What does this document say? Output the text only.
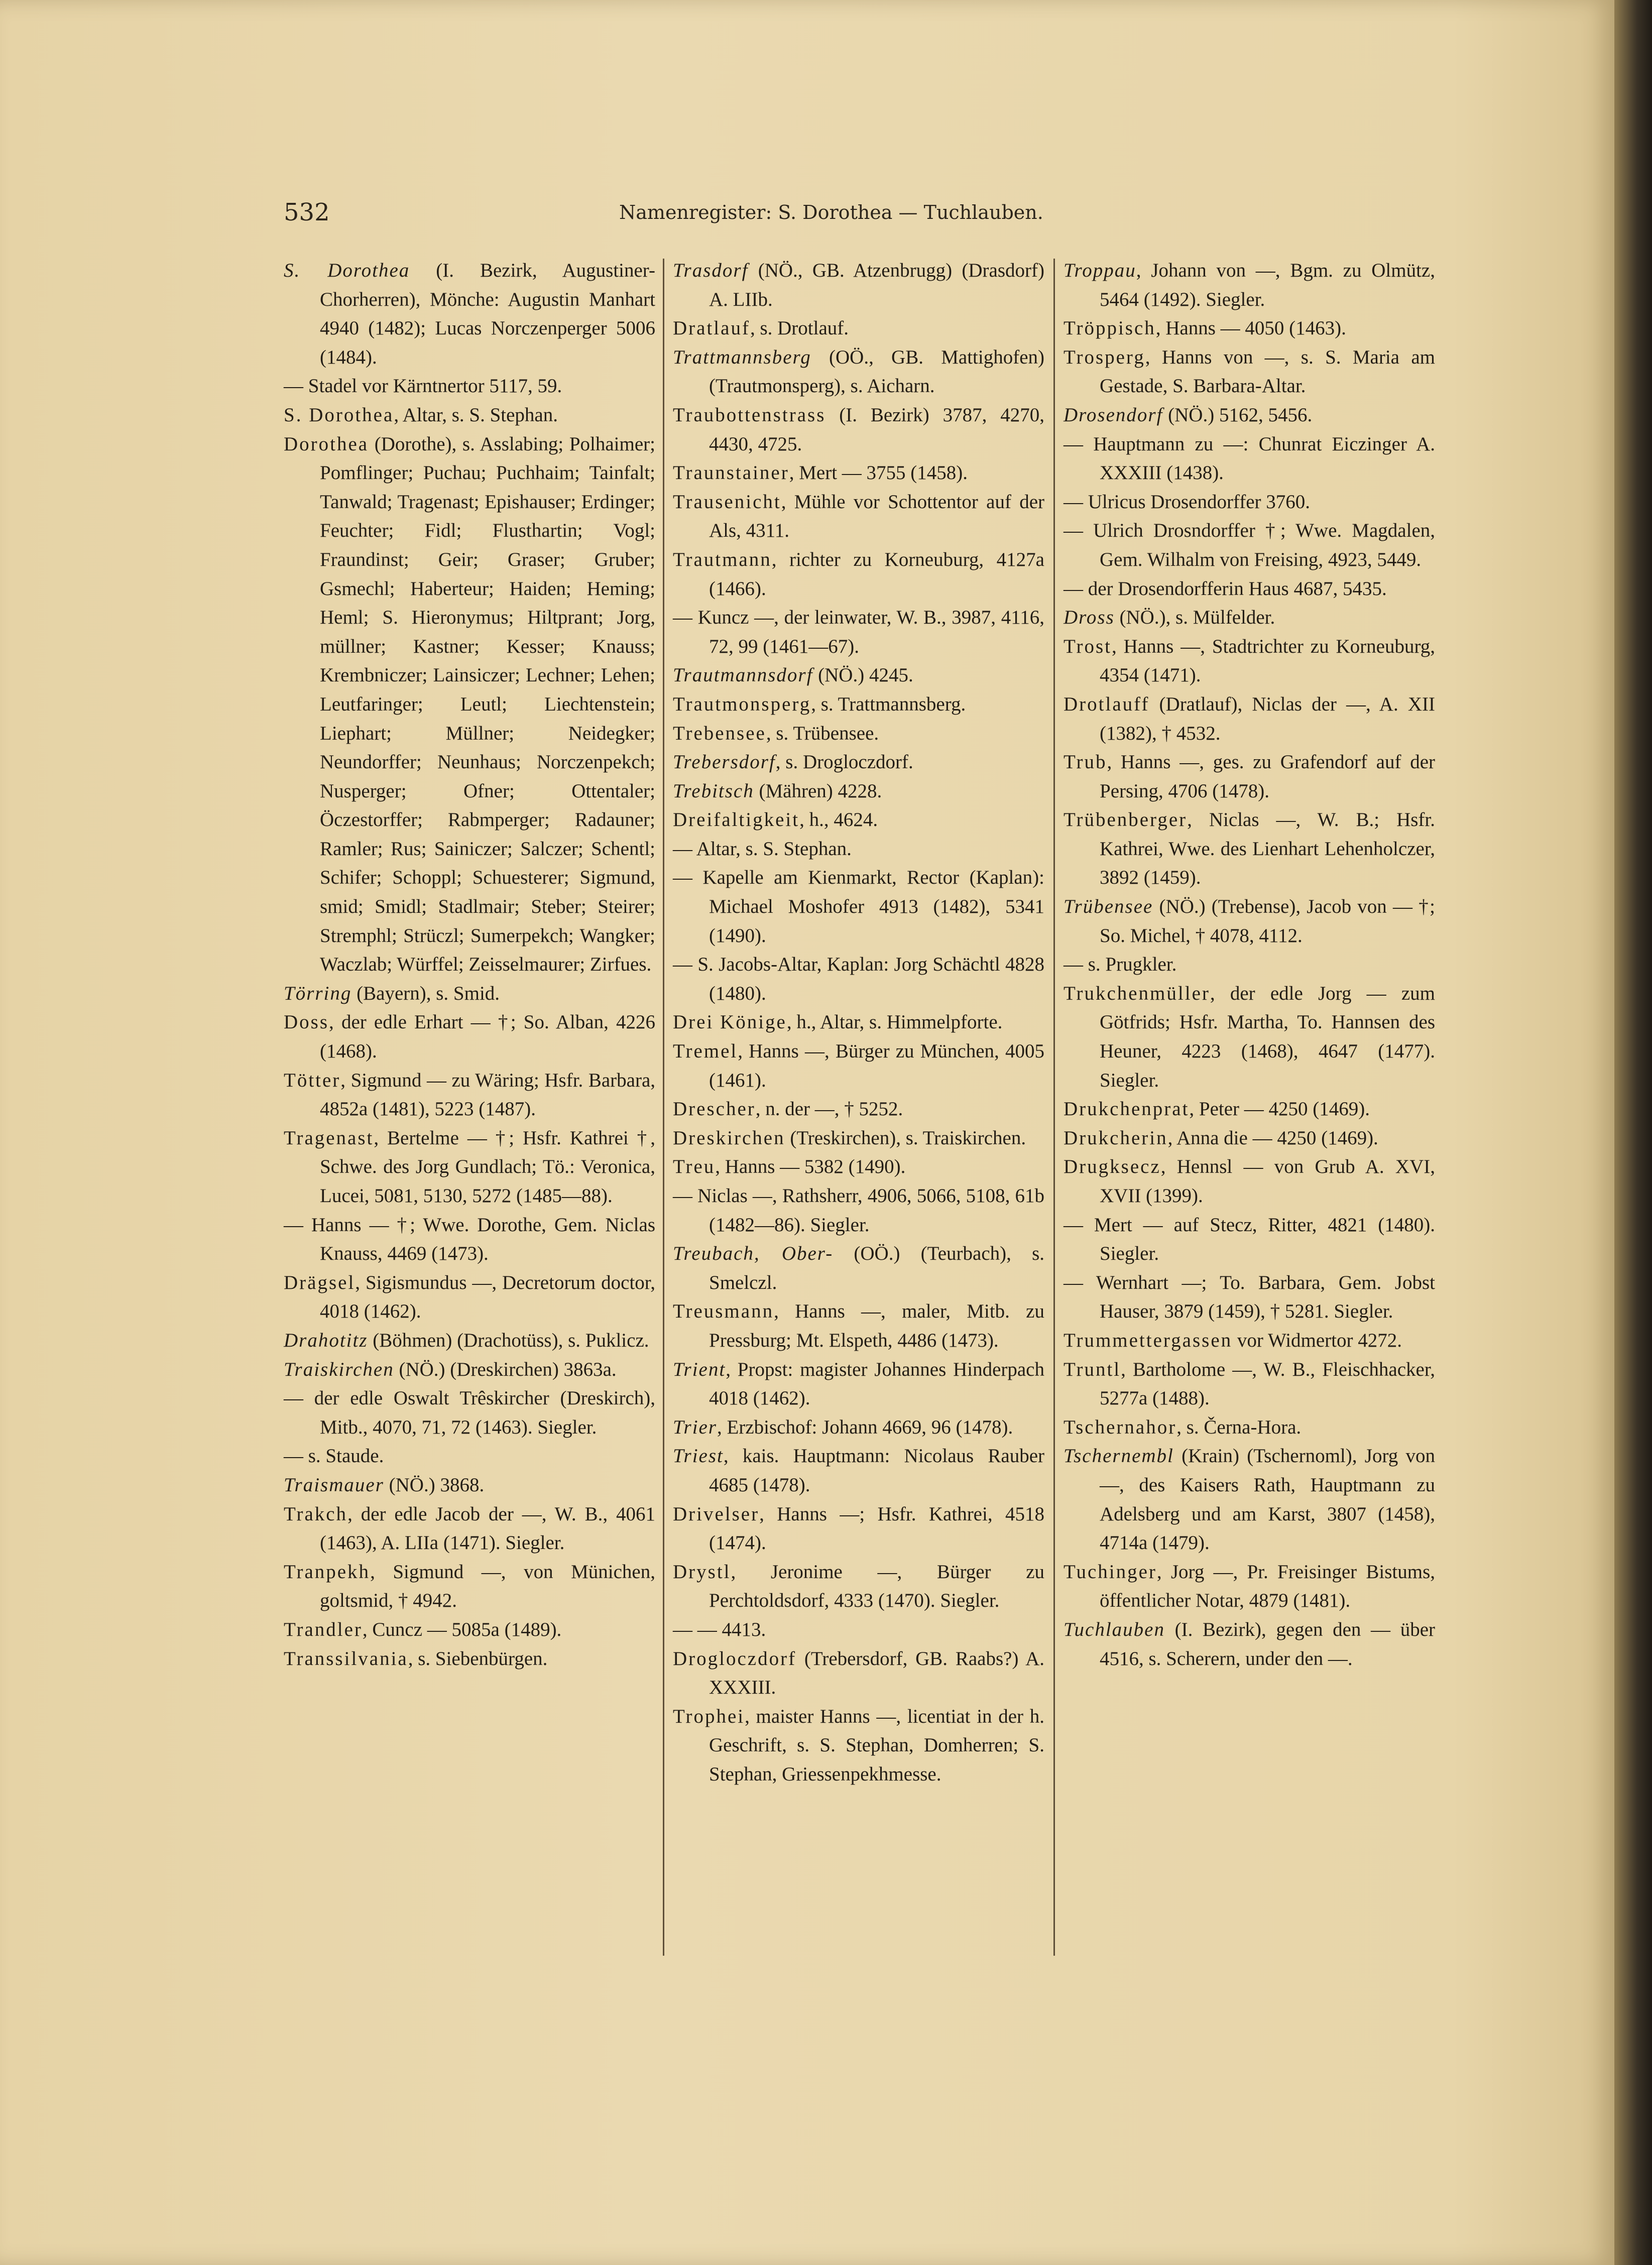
532	Namenregister: S. Dorothea — Tuchlauben.

S. Dorothea (I. Bezirk, Augustiner-Chorherren), Mönche: Augustin Manhart 4940 (1482); Lucas Norczenperger 5006 (1484).

— Stadel vor Kärntnertor 5117, 59.

S. Dorothea, Altar, s. S. Stephan.

Dorothea (Dorothe), s. Asslabing; Polhaimer; Pomflinger; Puchau; Puchhaim; Tainfalt; Tanwald; Tragenast; Epishauser; Erdinger; Feuchter; Fidl; Flusthartin; Vogl; Fraundinst; Geir; Graser; Gruber; Gsmechl; Haberteur; Haiden; Heming; Heml; S. Hieronymus; Hiltprant; Jorg, müllner; Kastner; Kesser; Knauss; Krembniczer; Lainsiczer; Lechner; Lehen; Leutfaringer; Leutl; Liechtenstein; Liephart; Müllner; Neidegker; Neundorffer; Neunhaus; Norczenpekch; Nusperger; Ofner; Ottentaler; Öczestorffer; Rabmperger; Radauner; Ramler; Rus; Sainiczer; Salczer; Schentl; Schifer; Schoppl; Schuesterer; Sigmund, smid; Smidl; Stadlmair; Steber; Steirer; Stremphl; Strüczl; Sumerpekch; Wangker; Waczlab; Würffel; Zeisselmaurer; Zirfues.

Törring (Bayern), s. Smid.

Doss, der edle Erhart — †; So. Alban, 4226 (1468).

Tötter, Sigmund — zu Wäring; Hsfr. Barbara, 4852a (1481), 5223 (1487).

Tragenast, Bertelme — †; Hsfr. Kathrei †, Schwe. des Jorg Gundlach; Tö.: Veronica, Lucei, 5081, 5130, 5272 (1485—88).

— Hanns — †; Wwe. Dorothe, Gem. Niclas Knauss, 4469 (1473).

Drägsel, Sigismundus —, Decretorum doctor, 4018 (1462).

Drahotitz (Böhmen) (Drachotüss), s. Puklicz.

Traiskirchen (NÖ.) (Dreskirchen) 3863a.

— der edle Oswalt Trêskircher (Dreskirch), Mitb., 4070, 71, 72 (1463). Siegler.

— s. Staude.

Traismauer (NÖ.) 3868.

Trakch, der edle Jacob der —, W. B., 4061 (1463), A. LIIa (1471). Siegler.

Tranpekh, Sigmund —, von Münichen, goltsmid, † 4942.

Trandler, Cuncz — 5085a (1489).

Transsilvania, s. Siebenbürgen.

Trasdorf (NÖ., GB. Atzenbrugg) (Drasdorf) A. LIIb.

Dratlauf, s. Drotlauf.

Trattmannsberg (OÖ., GB. Mattighofen) (Trautmonsperg), s. Aicharn.

Traubottenstrass (I. Bezirk) 3787, 4270, 4430, 4725.

Traunstainer, Mert — 3755 (1458).

Trausenicht, Mühle vor Schottentor auf der Als, 4311.

Trautmann, richter zu Korneuburg, 4127a (1466).

— Kuncz —, der leinwater, W. B., 3987, 4116, 72, 99 (1461—67).

Trautmannsdorf (NÖ.) 4245.

Trautmonsperg, s. Trattmannsberg.

Trebensee, s. Trübensee.

Trebersdorf, s. Drogloczdorf.

Trebitsch (Mähren) 4228.

Dreifaltigkeit, h., 4624.

— Altar, s. S. Stephan.

— Kapelle am Kienmarkt, Rector (Kaplan): Michael Moshofer 4913 (1482), 5341 (1490).

— S. Jacobs-Altar, Kaplan: Jorg Schächtl 4828 (1480).

Drei Könige, h., Altar, s. Himmelpforte.

Tremel, Hanns —, Bürger zu München, 4005 (1461).

Drescher, n. der —, † 5252.

Dreskirchen (Treskirchen), s. Traiskirchen.

Treu, Hanns — 5382 (1490).

— Niclas —, Rathsherr, 4906, 5066, 5108, 61b (1482—86). Siegler.

Treubach, Ober- (OÖ.) (Teurbach), s. Smelczl.

Treusmann, Hanns —, maler, Mitb. zu Pressburg; Mt. Elspeth, 4486 (1473).

Trient, Propst: magister Johannes Hinderpach 4018 (1462).

Trier, Erzbischof: Johann 4669, 96 (1478).

Triest, kais. Hauptmann: Nicolaus Rauber 4685 (1478).

Drivelser, Hanns —; Hsfr. Kathrei, 4518 (1474).

Drystl, Jeronime —, Bürger zu Perchtoldsdorf, 4333 (1470). Siegler.

— — 4413.

Drogloczdorf (Trebersdorf, GB. Raabs?) A. XXXIII.

Trophei, maister Hanns —, licentiat in der h. Geschrift, s. S. Stephan, Domherren; S. Stephan, Griessenpekhmesse.

Troppau, Johann von —, Bgm. zu Olmütz, 5464 (1492). Siegler.

Tröppisch, Hanns — 4050 (1463).

Trosperg, Hanns von —, s. S. Maria am Gestade, S. Barbara-Altar.

Drosendorf (NÖ.) 5162, 5456.

— Hauptmann zu —: Chunrat Eiczinger A. XXXIII (1438).

— Ulricus Drosendorffer 3760.

— Ulrich Drosndorffer †; Wwe. Magdalen, Gem. Wilhalm von Freising, 4923, 5449.

— der Drosendorfferin Haus 4687, 5435.

Dross (NÖ.), s. Mülfelder.

Trost, Hanns —, Stadtrichter zu Korneuburg, 4354 (1471).

Drotlauff (Dratlauf), Niclas der —, A. XII (1382), † 4532.

Trub, Hanns —, ges. zu Grafendorf auf der Persing, 4706 (1478).

Trübenberger, Niclas —, W. B.; Hsfr. Kathrei, Wwe. des Lienhart Lehenholczer, 3892 (1459).

Trübensee (NÖ.) (Trebense), Jacob von — †; So. Michel, † 4078, 4112.

— s. Prugkler.

Trukchenmüller, der edle Jorg — zum Götfrids; Hsfr. Martha, To. Hannsen des Heuner, 4223 (1468), 4647 (1477). Siegler.

Drukchenprat, Peter — 4250 (1469).

Drukcherin, Anna die — 4250 (1469).

Drugksecz, Hennsl — von Grub A. XVI, XVII (1399).

— Mert — auf Stecz, Ritter, 4821 (1480). Siegler.

— Wernhart —; To. Barbara, Gem. Jobst Hauser, 3879 (1459), † 5281. Siegler.

Trummettergassen vor Widmertor 4272.

Truntl, Bartholome —, W. B., Fleischhacker, 5277a (1488).

Tschernahor, s. Černa-Hora.

Tschernembl (Krain) (Tschernoml), Jorg von —, des Kaisers Rath, Hauptmann zu Adelsberg und am Karst, 3807 (1458), 4714a (1479).

Tuchinger, Jorg —, Pr. Freisinger Bistums, öffentlicher Notar, 4879 (1481).

Tuchlauben (I. Bezirk), gegen den — über 4516, s. Scherern, under den —.
